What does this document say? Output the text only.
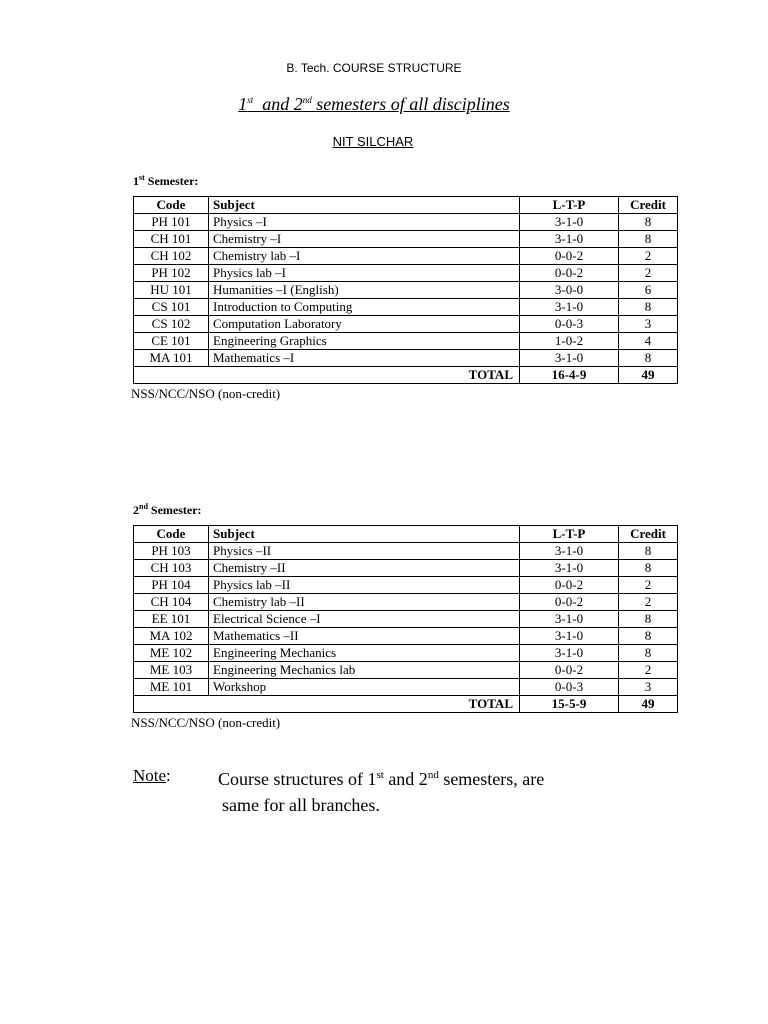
B. Tech. COURSE STRUCTURE
1st and 2nd semesters of all disciplines
NIT SILCHAR
1st Semester:
Code	Subject	L-T-P	Credit
PH 101	Physics –I	3-1-0	8
CH 101	Chemistry –I	3-1-0	8
CH 102	Chemistry lab –I	0-0-2	2
PH 102	Physics lab –I	0-0-2	2
HU 101	Humanities –I (English)	3-0-0	6
CS 101	Introduction to Computing	3-1-0	8
CS 102	Computation Laboratory	0-0-3	3
CE 101	Engineering Graphics	1-0-2	4
MA 101	Mathematics –I	3-1-0	8
TOTAL		16-4-9	49
NSS/NCC/NSO (non-credit)
2nd Semester:
Code	Subject	L-T-P	Credit
PH 103	Physics –II	3-1-0	8
CH 103	Chemistry –II	3-1-0	8
PH 104	Physics lab –II	0-0-2	2
CH 104	Chemistry lab –II	0-0-2	2
EE 101	Electrical Science –I	3-1-0	8
MA 102	Mathematics –II	3-1-0	8
ME 102	Engineering Mechanics	3-1-0	8
ME 103	Engineering Mechanics lab	0-0-2	2
ME 101	Workshop	0-0-3	3
TOTAL		15-5-9	49
NSS/NCC/NSO (non-credit)
Note:	Course structures of 1st and 2nd semesters, are
same for all branches.
